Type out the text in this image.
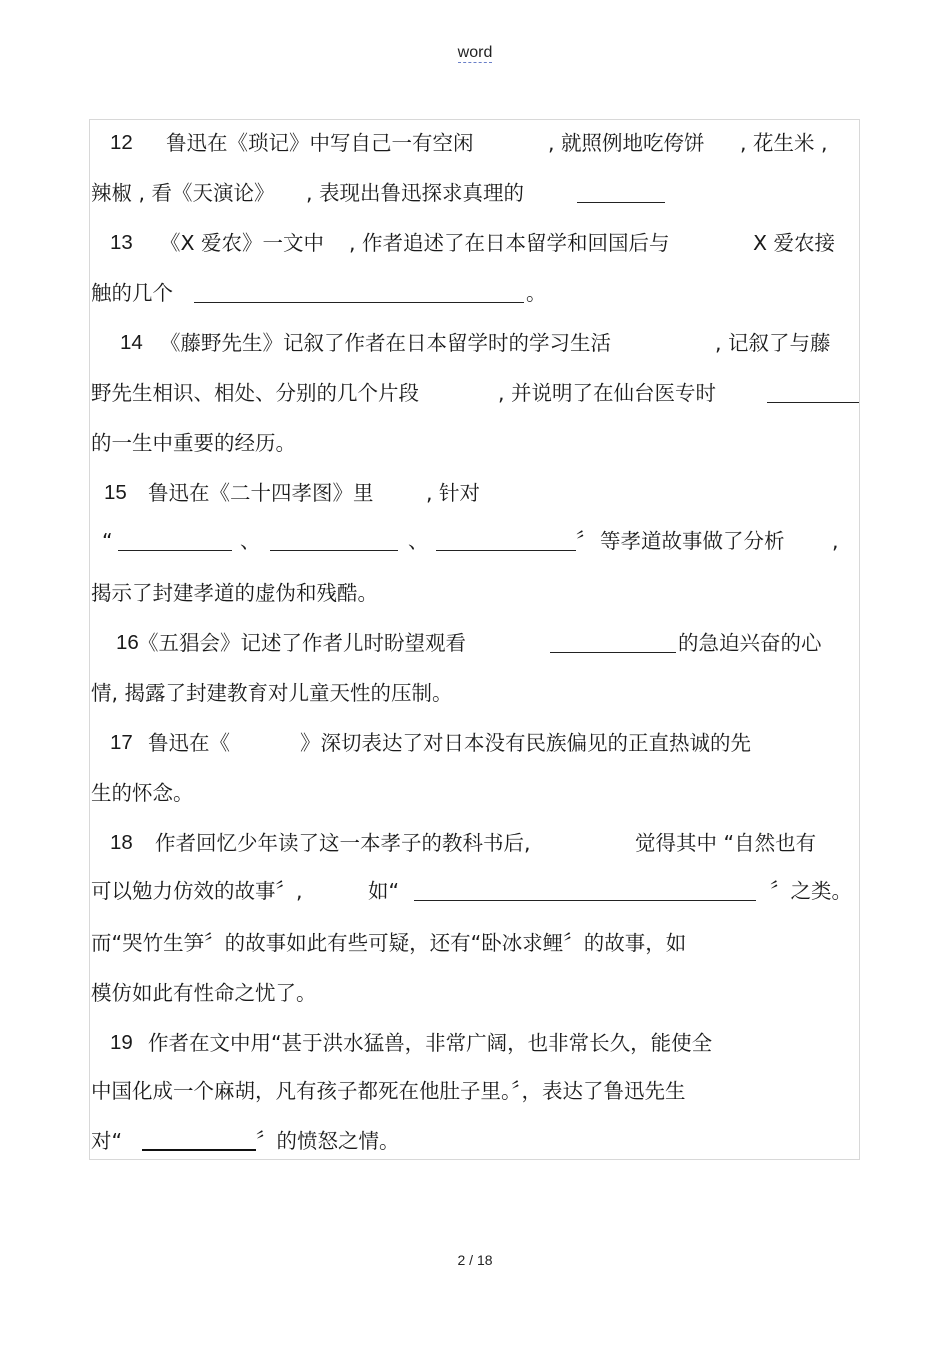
word
12 鲁迅在《琐记》中写自己一有空闲	, 就照例地吃侉饼 , 花生米 ,
辣椒 , 看《天演论》 , 表现出鲁迅探求真理的
13 《X 爱农》一文中 , 作者追述了在日本留学和回国后与	X 爱农接
触的几个	。
14 《藤野先生》记叙了作者在日本留学时的学习生活	, 记叙了与藤
野先生相识、相处、分别的几个片段	, 并说明了在仙台医专时
的一生中重要的经历。
15 鲁迅在《二十四孝图》里	, 针对
“	、	、	〞 等孝道故事做了分析 ,
揭示了封建孝道的虚伪和残酷。
16 《五猖会》记述了作者儿时盼望观看	的急迫兴奋的心
情, 揭露了封建教育对儿童天性的压制。
17 鲁迅在《	》深切表达了对日本没有民族偏见的正直热诚的先
生的怀念。
18 作者回忆少年读了这一本孝子的教科书后,	觉得其中 “自然也有
可以勉力仿效的故事〞,	如“	〞之类。
而“哭竹生笋〞的故事如此有些可疑，还有“卧冰求鲤〞的故事，如
模仿如此有性命之忧了。
19 作者在文中用“甚于洪水猛兽，非常广阔，也非常长久，能使全
中国化成一个麻胡，凡有孩子都死在他肚子里。〞，表达了鲁迅先生
对“	〞的愤怒之情。
2 / 18
